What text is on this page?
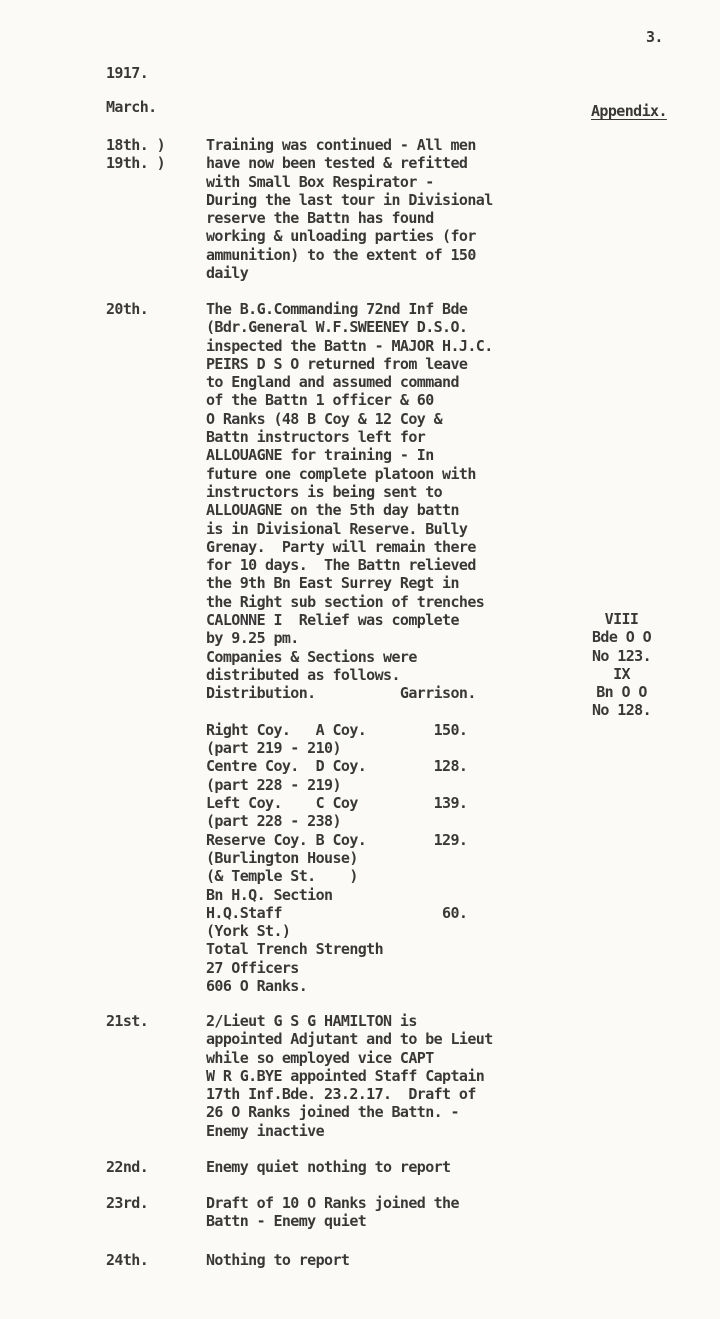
3.
1917.
March.	Appendix.
18th. )
19th. )
Training was continued - All men
have now been tested & refitted
with Small Box Respirator -
During the last tour in Divisional
reserve the Battn has found
working & unloading parties (for
ammunition) to the extent of 150
daily
20th.	The B.G.Commanding 72nd Inf Bde
(Bdr.General W.F.SWEENEY D.S.O.
inspected the Battn - MAJOR H.J.C.
PEIRS D S O returned from leave
to England and assumed command
of the Battn 1 officer & 60
O Ranks (48 B Coy & 12 Coy &
Battn instructors left for
ALLOUAGNE for training - In
future one complete platoon with
instructors is being sent to
ALLOUAGNE on the 5th day battn
is in Divisional Reserve. Bully
Grenay.  Party will remain there
for 10 days.  The Battn relieved
the 9th Bn East Surrey Regt in
the Right sub section of trenches
CALONNE I  Relief was complete
by 9.25 pm.
Companies & Sections were
distributed as follows.
Distribution.          Garrison.

Right Coy.   A Coy.        150.
(part 219 - 210)
Centre Coy.  D Coy.        128.
(part 228 - 219)
Left Coy.    C Coy         139.
(part 228 - 238)
Reserve Coy. B Coy.        129.
(Burlington House)
(& Temple St.    )
Bn H.Q. Section
H.Q.Staff                   60.
(York St.)
Total Trench Strength
27 Officers
606 O Ranks.
VIII
Bde O O
No 123.
IX
Bn O O
No 128.
21st.	2/Lieut G S G HAMILTON is
appointed Adjutant and to be Lieut
while so employed vice CAPT
W R G.BYE appointed Staff Captain
17th Inf.Bde. 23.2.17.  Draft of
26 O Ranks joined the Battn. -
Enemy inactive
22nd.	Enemy quiet nothing to report
23rd.	Draft of 10 O Ranks joined the
Battn - Enemy quiet
24th.	Nothing to report
